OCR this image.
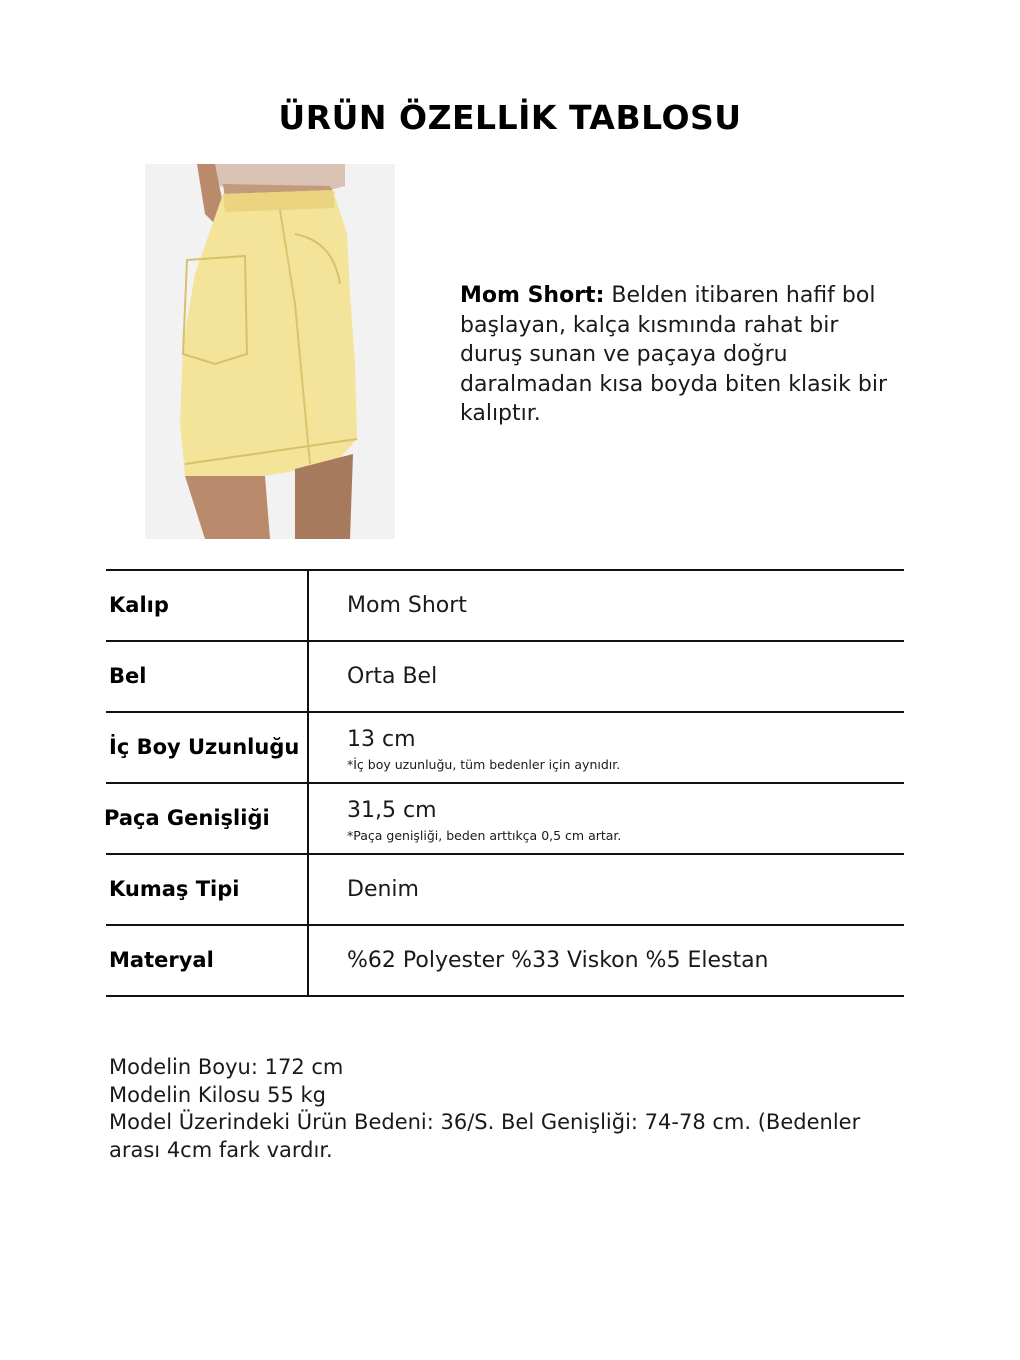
ÜRÜN ÖZELLİK TABLOSU
Mom Short: Belden itibaren hafif bol başlayan, kalça kısmında rahat bir duruş sunan ve paçaya doğru daralmadan kısa boyda biten klasik bir kalıptır.
Kalıp	Mom Short
Bel	Orta Bel
İç Boy Uzunluğu 13 cm
*İç boy uzunluğu, tüm bedenler için aynıdır.
Paça Genişliği	31,5 cm
*Paça genişliği, beden arttıkça 0,5 cm artar.
Kumaş Tipi	Denim
Materyal	%62 Polyester %33 Viskon %5 Elestan
Modelin Boyu: 172 cm
Modelin Kilosu 55 kg
Model Üzerindeki Ürün Bedeni: 36/S. Bel Genişliği: 74-78 cm. (Bedenler arası 4cm fark vardır.
